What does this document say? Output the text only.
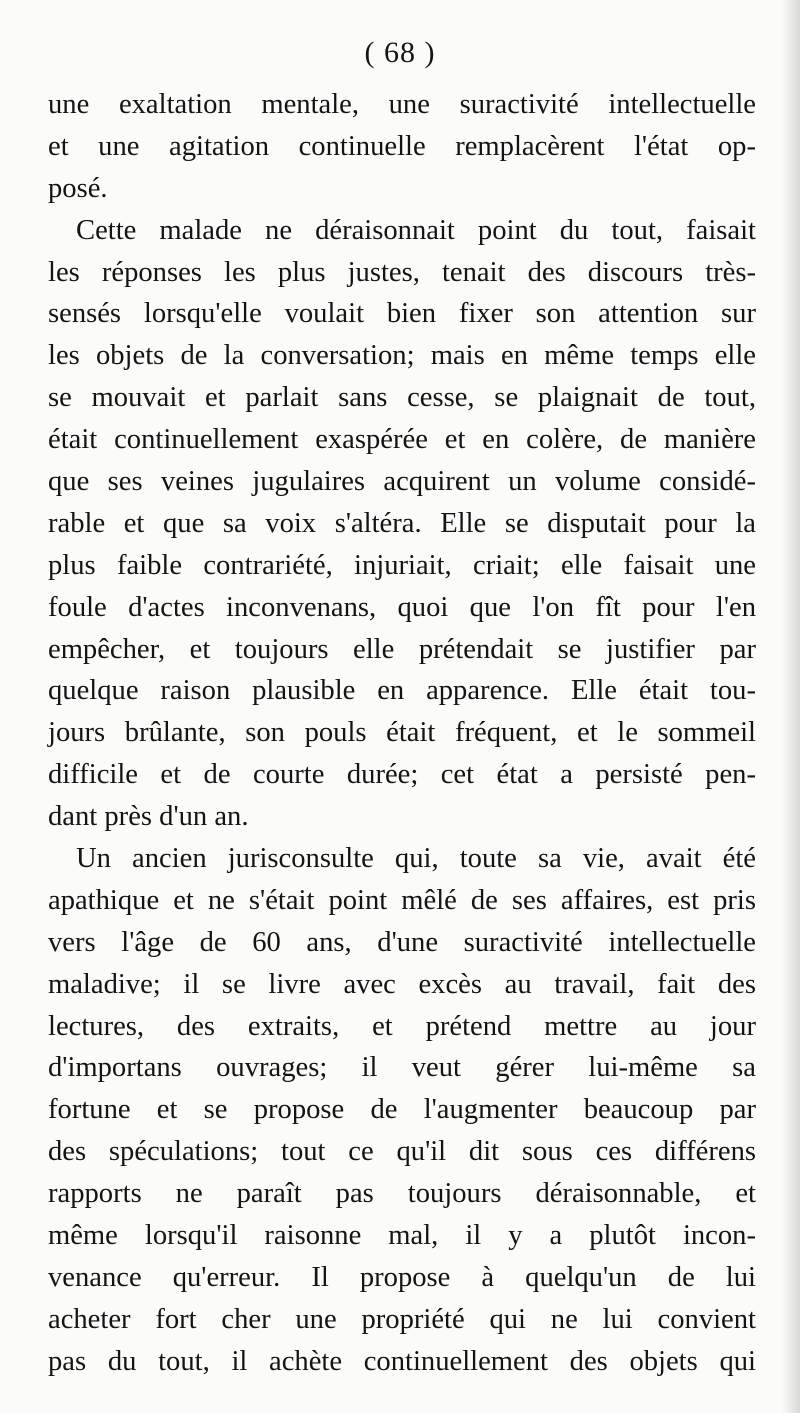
( 68 )
une exaltation mentale, une suractivité intellectuelle
et une agitation continuelle remplacèrent l'état op-
posé.
Cette malade ne déraisonnait point du tout, faisait
les réponses les plus justes, tenait des discours très-
sensés lorsqu'elle voulait bien fixer son attention sur
les objets de la conversation; mais en même temps elle
se mouvait et parlait sans cesse, se plaignait de tout,
était continuellement exaspérée et en colère, de manière
que ses veines jugulaires acquirent un volume considé-
rable et que sa voix s'altéra. Elle se disputait pour la
plus faible contrariété, injuriait, criait; elle faisait une
foule d'actes inconvenans, quoi que l'on fît pour l'en
empêcher, et toujours elle prétendait se justifier par
quelque raison plausible en apparence. Elle était tou-
jours brûlante, son pouls était fréquent, et le sommeil
difficile et de courte durée; cet état a persisté pen-
dant près d'un an.
Un ancien jurisconsulte qui, toute sa vie, avait été
apathique et ne s'était point mêlé de ses affaires, est pris
vers l'âge de 60 ans, d'une suractivité intellectuelle
maladive; il se livre avec excès au travail, fait des
lectures, des extraits, et prétend mettre au jour
d'importans ouvrages; il veut gérer lui-même sa
fortune et se propose de l'augmenter beaucoup par
des spéculations; tout ce qu'il dit sous ces différens
rapports ne paraît pas toujours déraisonnable, et
même lorsqu'il raisonne mal, il y a plutôt incon-
venance qu'erreur. Il propose à quelqu'un de lui
acheter fort cher une propriété qui ne lui convient
pas du tout, il achète continuellement des objets qui
